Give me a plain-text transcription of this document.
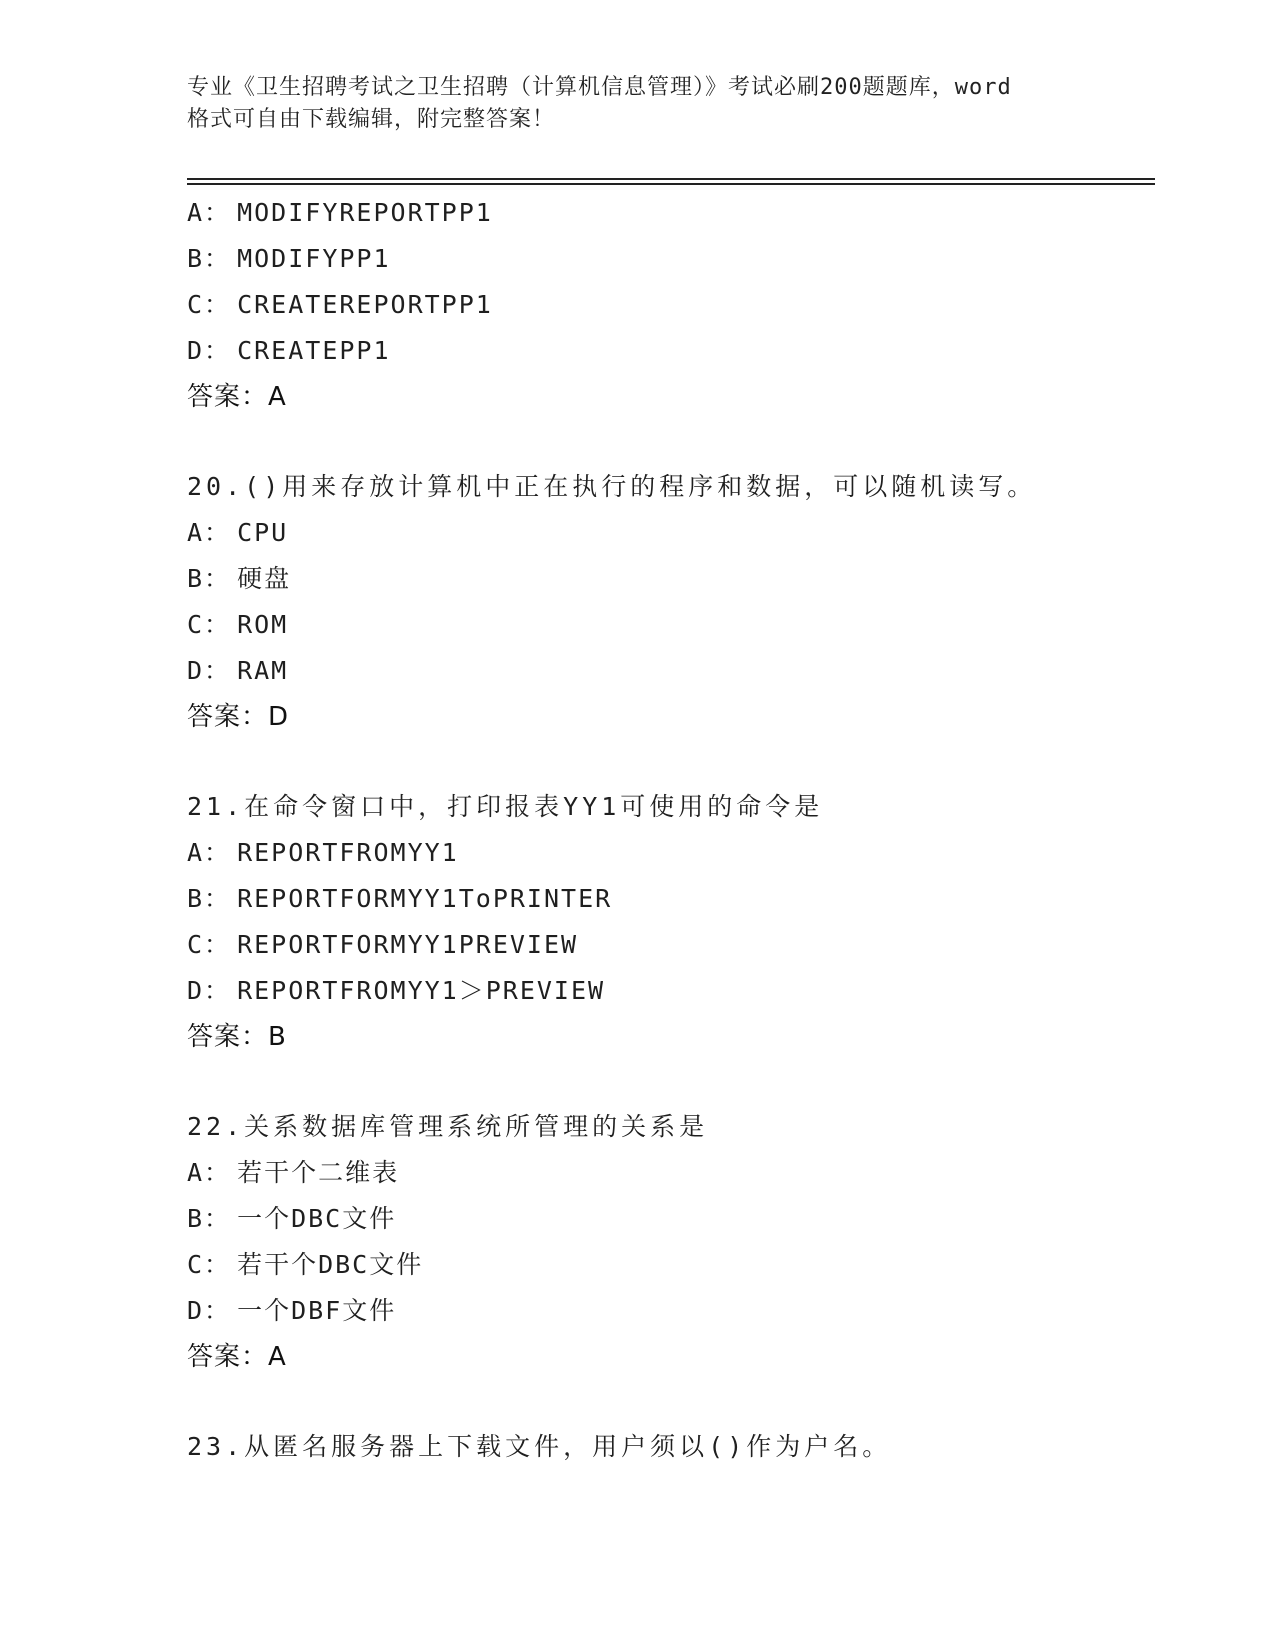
专业《卫生招聘考试之卫生招聘（计算机信息管理）》考试必刷200题题库，word
格式可自由下载编辑，附完整答案！
A： MODIFYREPORTPP1
B： MODIFYPP1
C： CREATEREPORTPP1
D： CREATEPP1
答案：A
20.()用来存放计算机中正在执行的程序和数据，可以随机读写。
A： CPU
B： 硬盘
C： ROM
D： RAM
答案：D
21.在命令窗口中，打印报表YY1可使用的命令是
A： REPORTFROMYY1
B： REPORTFORMYY1ToPRINTER
C： REPORTFORMYY1PREVIEW
D： REPORTFROMYY1＞PREVIEW
答案：B
22.关系数据库管理系统所管理的关系是
A： 若干个二维表
B： 一个DBC文件
C： 若干个DBC文件
D： 一个DBF文件
答案：A
23.从匿名服务器上下载文件，用户须以()作为户名。
